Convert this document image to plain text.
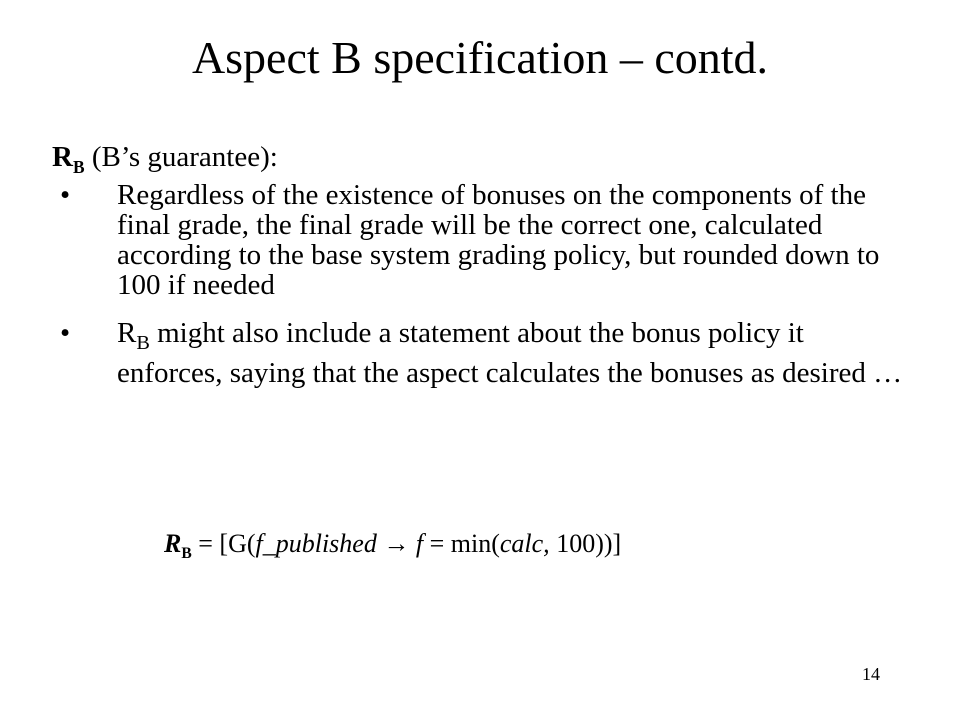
Aspect B specification – contd.
$R_B$ (B’s guarantee):
• Regardless of the existence of bonuses on the components of the final grade, the final grade will be the correct one, calculated according to the base system grading policy, but rounded down to 100 if needed
• $R_B$ might also include a statement about the bonus policy it enforces, saying that the aspect calculates the bonuses as desired …
$R_B$ = [G(f_published → f = min(calc, 100))]
14
